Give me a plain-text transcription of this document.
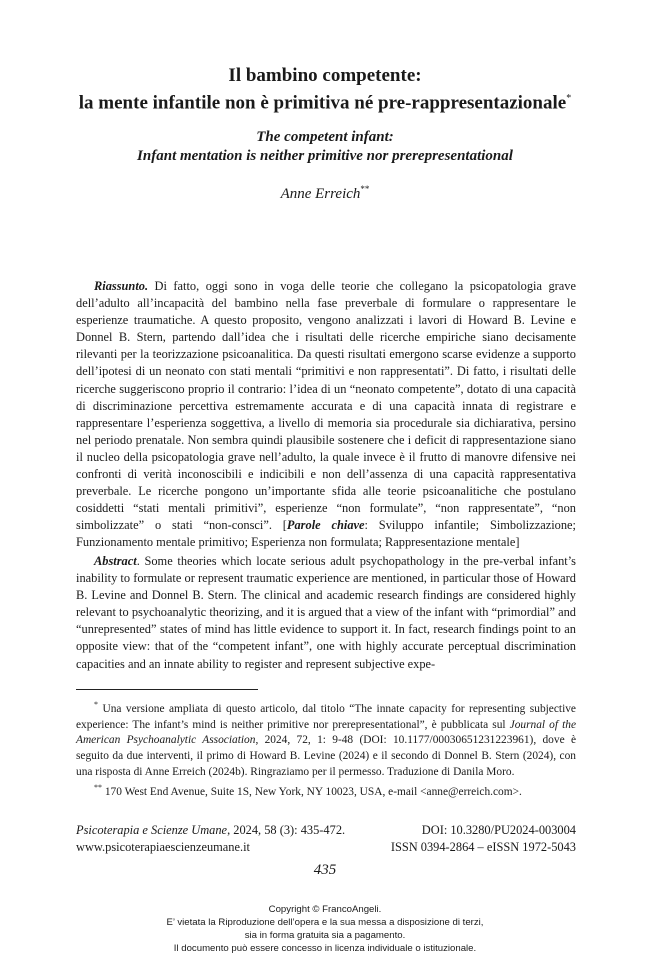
Il bambino competente:
la mente infantile non è primitiva né pre-rappresentazionale*
The competent infant:
Infant mentation is neither primitive nor prerepresentational
Anne Erreich**
Riassunto. Di fatto, oggi sono in voga delle teorie che collegano la psicopatologia grave dell’adulto all’incapacità del bambino nella fase preverbale di formulare o rappresentare le esperienze traumatiche. A questo proposito, vengono analizzati i lavori di Howard B. Levine e Donnel B. Stern, partendo dall’idea che i risultati delle ricerche empiriche siano decisamente rilevanti per la teorizzazione psicoanalitica. Da questi risultati emergono scarse evidenze a supporto dell’ipotesi di un neonato con stati mentali “primitivi e non rappresentati”. Di fatto, i risultati delle ricerche suggeriscono proprio il contrario: l’idea di un “neonato competente”, dotato di una capacità di discriminazione percettiva estremamente accurata e di una capacità innata di registrare e rappresentare l’esperienza soggettiva, a livello di memoria sia procedurale sia dichiarativa, persino nel periodo prenatale. Non sembra quindi plausibile sostenere che i deficit di rappresentazione siano il nucleo della psicopatologia grave nell’adulto, la quale invece è il frutto di manovre difensive nei confronti di verità inconoscibili e indicibili e non dell’assenza di una capacità rappresentativa preverbale. Le ricerche pongono un’importante sfida alle teorie psicoanalitiche che postulano cosiddetti “stati mentali primitivi”, esperienze “non formulate”, “non rappresentate”, “non simbolizzate” o stati “non-consci”. [Parole chiave: Sviluppo infantile; Simbolizzazione; Funzionamento mentale primitivo; Esperienza non formulata; Rappresentazione mentale]
Abstract. Some theories which locate serious adult psychopathology in the pre-verbal infant’s inability to formulate or represent traumatic experience are mentioned, in particular those of Howard B. Levine and Donnel B. Stern. The clinical and academic research findings are considered highly relevant to psychoanalytic theorizing, and it is argued that a view of the infant with “primordial” and “unrepresented” states of mind has little evidence to support it. In fact, research findings point to an opposite view: that of the “competent infant”, one with highly accurate perceptual discrimination capacities and an innate ability to register and represent subjective expe-

* Una versione ampliata di questo articolo, dal titolo “The innate capacity for representing subjective experience: The infant’s mind is neither primitive nor prerepresentational”, è pubblicata sul Journal of the American Psychoanalytic Association, 2024, 72, 1: 9-48 (DOI: 10.1177/00030651231223961), dove è seguito da due interventi, il primo di Howard B. Levine (2024) e il secondo di Donnel B. Stern (2024), con una risposta di Anne Erreich (2024b). Ringraziamo per il permesso. Traduzione di Danila Moro.

** 170 West End Avenue, Suite 1S, New York, NY 10023, USA, e-mail <anne@erreich.com>.

Psicoterapia e Scienze Umane, 2024, 58 (3): 435-472.	DOI: 10.3280/PU2024-003004
www.psicoterapiaescienzeumane.it	ISSN 0394-2864 – eISSN 1972-5043
435
Copyright © FrancoAngeli.
E’ vietata la Riproduzione dell’opera e la sua messa a disposizione di terzi,
sia in forma gratuita sia a pagamento.
Il documento può essere concesso in licenza individuale o istituzionale.
